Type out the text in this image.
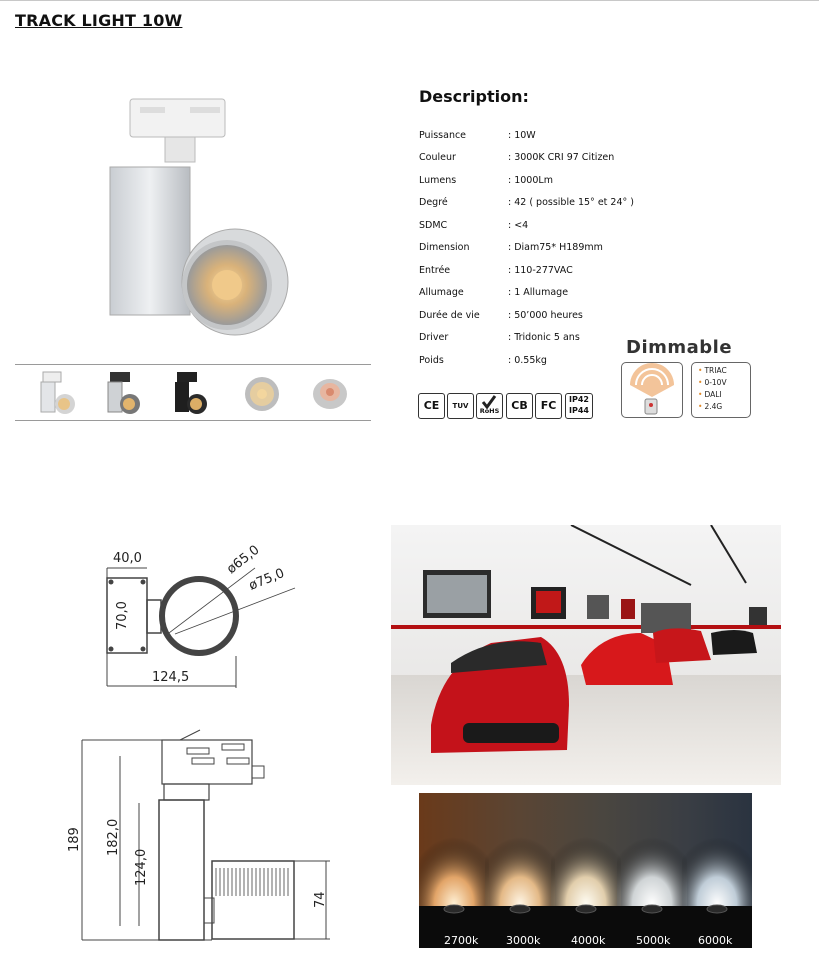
TRACK LIGHT 10W
Description:
Puissance	: 10W
Couleur	: 3000K CRI 97 Citizen
Lumens	: 1000Lm
Degré	: 42 ( possible 15° et 24° )
SDMC	: <4
Dimension	: Diam75* H189mm
Entrée	: 110-277VAC
Allumage	: 1 Allumage
Durée de vie	: 50’000 heures
Driver	: Tridonic 5 ans
Poids	: 0.55kg
CE	TUV
RoHS	CB	FC	IP42
IP44
Dimmable
• TRIAC
• 0-10V
• DALI
• 2.4G
40,0
70,0
ø65,0
ø75,0
124,5
189 182,0
124,0
74
2700k	3000k	4000k	5000k	6000k
